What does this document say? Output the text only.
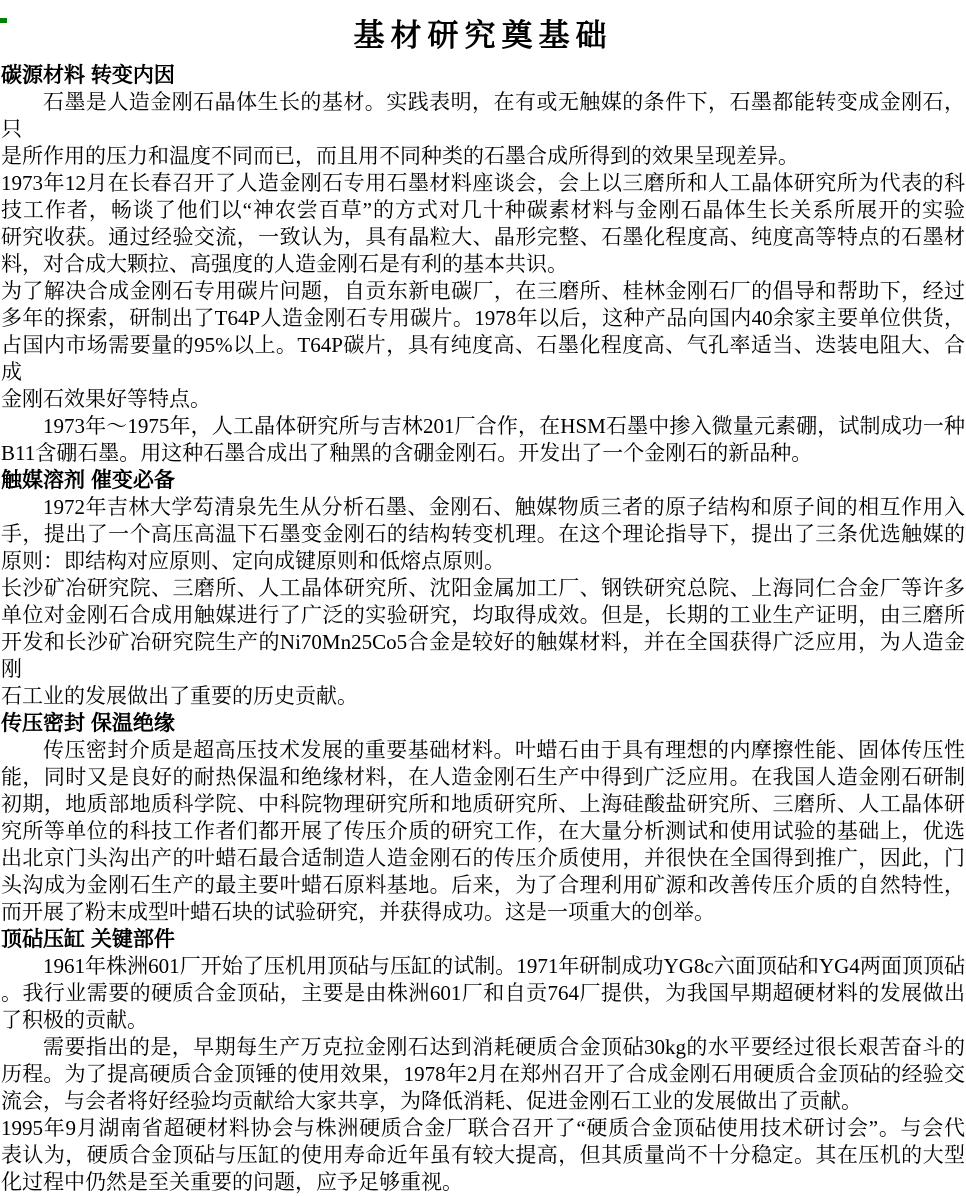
基材研究奠基础
碳源材料 转变内因
石墨是人造金刚石晶体生长的基材。实践表明，在有或无触媒的条件下，石墨都能转变成金刚石，只
是所作用的压力和温度不同而已，而且用不同种类的石墨合成所得到的效果呈现差异。
1973年12月在长春召开了人造金刚石专用石墨材料座谈会，会上以三磨所和人工晶体研究所为代表的科
技工作者，畅谈了他们以“神农尝百草”的方式对几十种碳素材料与金刚石晶体生长关系所展开的实验
研究收获。通过经验交流，一致认为，具有晶粒大、晶形完整、石墨化程度高、纯度高等特点的石墨材
料，对合成大颗拉、高强度的人造金刚石是有利的基本共识。
为了解决合成金刚石专用碳片问题，自贡东新电碳厂，在三磨所、桂林金刚石厂的倡导和帮助下，经过
多年的探索，研制出了T64P人造金刚石专用碳片。1978年以后，这种产品向国内40余家主要单位供货，
占国内市场需要量的95%以上。T64P碳片，具有纯度高、石墨化程度高、气孔率适当、迭装电阻大、合成
金刚石效果好等特点。
1973年～1975年，人工晶体研究所与吉林201厂合作，在HSM石墨中掺入微量元素硼，试制成功一种
B11含硼石墨。用这种石墨合成出了釉黑的含硼金刚石。开发出了一个金刚石的新品种。
触媒溶剂 催变必备
1972年吉林大学芶清泉先生从分析石墨、金刚石、触媒物质三者的原子结构和原子间的相互作用入
手，提出了一个高压高温下石墨变金刚石的结构转变机理。在这个理论指导下，提出了三条优选触媒的
原则：即结构对应原则、定向成键原则和低熔点原则。
长沙矿冶研究院、三磨所、人工晶体研究所、沈阳金属加工厂、钢铁研究总院、上海同仁合金厂等许多
单位对金刚石合成用触媒进行了广泛的实验研究，均取得成效。但是，长期的工业生产证明，由三磨所
开发和长沙矿冶研究院生产的Ni70Mn25Co5合金是较好的触媒材料，并在全国获得广泛应用，为人造金刚
石工业的发展做出了重要的历史贡献。
传压密封 保温绝缘
传压密封介质是超高压技术发展的重要基础材料。叶蜡石由于具有理想的内摩擦性能、固体传压性
能，同时又是良好的耐热保温和绝缘材料，在人造金刚石生产中得到广泛应用。在我国人造金刚石研制
初期，地质部地质科学院、中科院物理研究所和地质研究所、上海硅酸盐研究所、三磨所、人工晶体研
究所等单位的科技工作者们都开展了传压介质的研究工作，在大量分析测试和使用试验的基础上，优选
出北京门头沟出产的叶蜡石最合适制造人造金刚石的传压介质使用，并很快在全国得到推广，因此，门
头沟成为金刚石生产的最主要叶蜡石原料基地。后来，为了合理利用矿源和改善传压介质的自然特性，
而开展了粉末成型叶蜡石块的试验研究，并获得成功。这是一项重大的创举。
顶砧压缸 关键部件
1961年株洲601厂开始了压机用顶砧与压缸的试制。1971年研制成功YG8c六面顶砧和YG4两面顶顶砧
。我行业需要的硬质合金顶砧，主要是由株洲601厂和自贡764厂提供，为我国早期超硬材料的发展做出
了积极的贡献。
需要指出的是，早期每生产万克拉金刚石达到消耗硬质合金顶砧30kg的水平要经过很长艰苦奋斗的
历程。为了提高硬质合金顶锤的使用效果，1978年2月在郑州召开了合成金刚石用硬质合金顶砧的经验交
流会，与会者将好经验均贡献给大家共享，为降低消耗、促进金刚石工业的发展做出了贡献。
1995年9月湖南省超硬材料协会与株洲硬质合金厂联合召开了“硬质合金顶砧使用技术研讨会”。与会代
表认为，硬质合金顶砧与压缸的使用寿命近年虽有较大提高，但其质量尚不十分稳定。其在压机的大型
化过程中仍然是至关重要的问题，应予足够重视。
